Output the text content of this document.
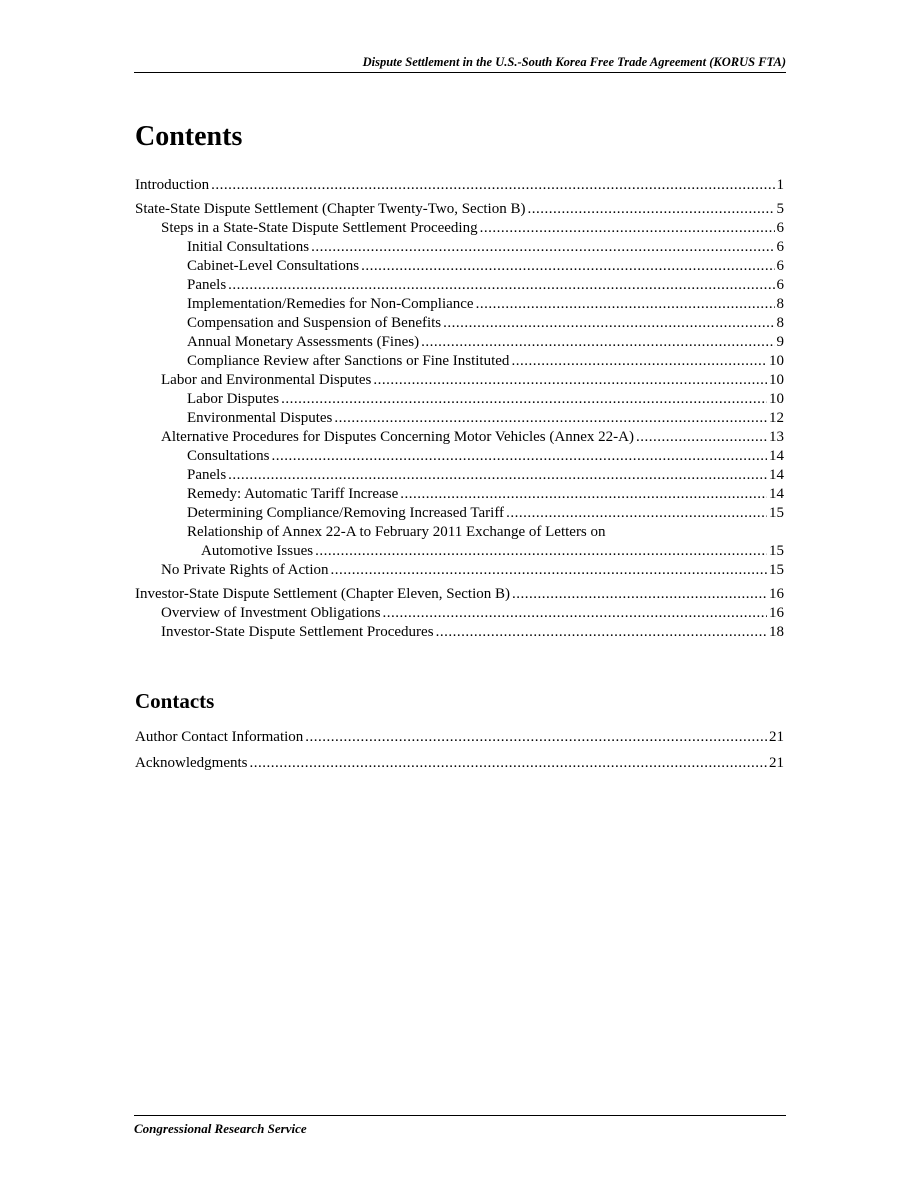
Dispute Settlement in the U.S.-South Korea Free Trade Agreement (KORUS FTA)
Contents
Introduction .....	1
State-State Dispute Settlement (Chapter Twenty-Two, Section B) .....	5
Steps in a State-State Dispute Settlement Proceeding .....	6
Initial Consultations .....	6
Cabinet-Level Consultations .....	6
Panels .....	6
Implementation/Remedies for Non-Compliance .....	8
Compensation and Suspension of Benefits .....	8
Annual Monetary Assessments (Fines) .....	9
Compliance Review after Sanctions or Fine Instituted .....	10
Labor and Environmental Disputes .....	10
Labor Disputes .....	10
Environmental Disputes .....	12
Alternative Procedures for Disputes Concerning Motor Vehicles (Annex 22-A) .....	13
Consultations .....	14
Panels .....	14
Remedy: Automatic Tariff Increase .....	14
Determining Compliance/Removing Increased Tariff .....	15
Relationship of Annex 22-A to February 2011 Exchange of Letters on
Automotive Issues .....	15
No Private Rights of Action .....	15
Investor-State Dispute Settlement (Chapter Eleven, Section B) .....	16
Overview of Investment Obligations .....	16
Investor-State Dispute Settlement Procedures .....	18
Contacts
Author Contact Information .....	21
Acknowledgments .....	21
Congressional Research Service
